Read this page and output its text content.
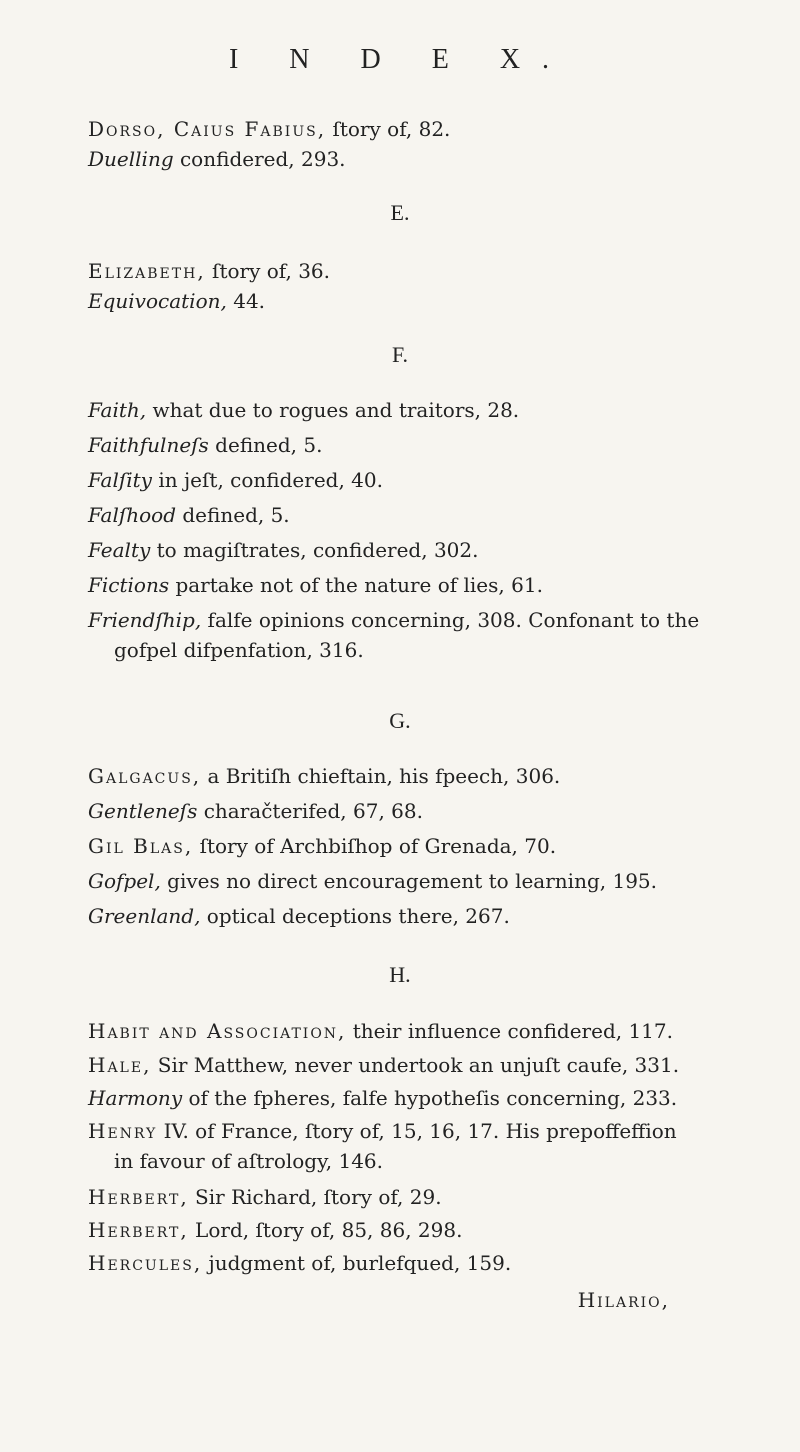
I N D E X.
Dorso, Caius Fabius, ſtory of, 82.
Duelling confidered, 293.
E.
Elizabeth, ſtory of, 36.
Equivocation, 44.
F.
Faith, what due to rogues and traitors, 28.
Faithfulneſs defined, 5.
Falſity in jeſt, confidered, 40.
Falſhood defined, 5.
Fealty to magiſtrates, confidered, 302.
Fictions partake not of the nature of lies, 61.
Friendſhip, falfe opinions concerning, 308. Confonant to the
gofpel difpenfation, 316.
G.
Galgacus, a Britiſh chieftain, his fpeech, 306.
Gentleneſs charačterifed, 67, 68.
Gil Blas, ſtory of Archbiſhop of Grenada, 70.
Gofpel, gives no direct encouragement to learning, 195.
Greenland, optical deceptions there, 267.
H.
Habit and Association, their influence confidered, 117.
Hale, Sir Matthew, never undertook an unjuſt caufe, 331.
Harmony of the fpheres, falfe hypotheſis concerning, 233.
Henry IV. of France, ſtory of, 15, 16, 17. His prepoffeffion
in favour of aſtrology, 146.
Herbert, Sir Richard, ſtory of, 29.
Herbert, Lord, ſtory of, 85, 86, 298.
Hercules, judgment of, burlefqued, 159.
Hilario,
